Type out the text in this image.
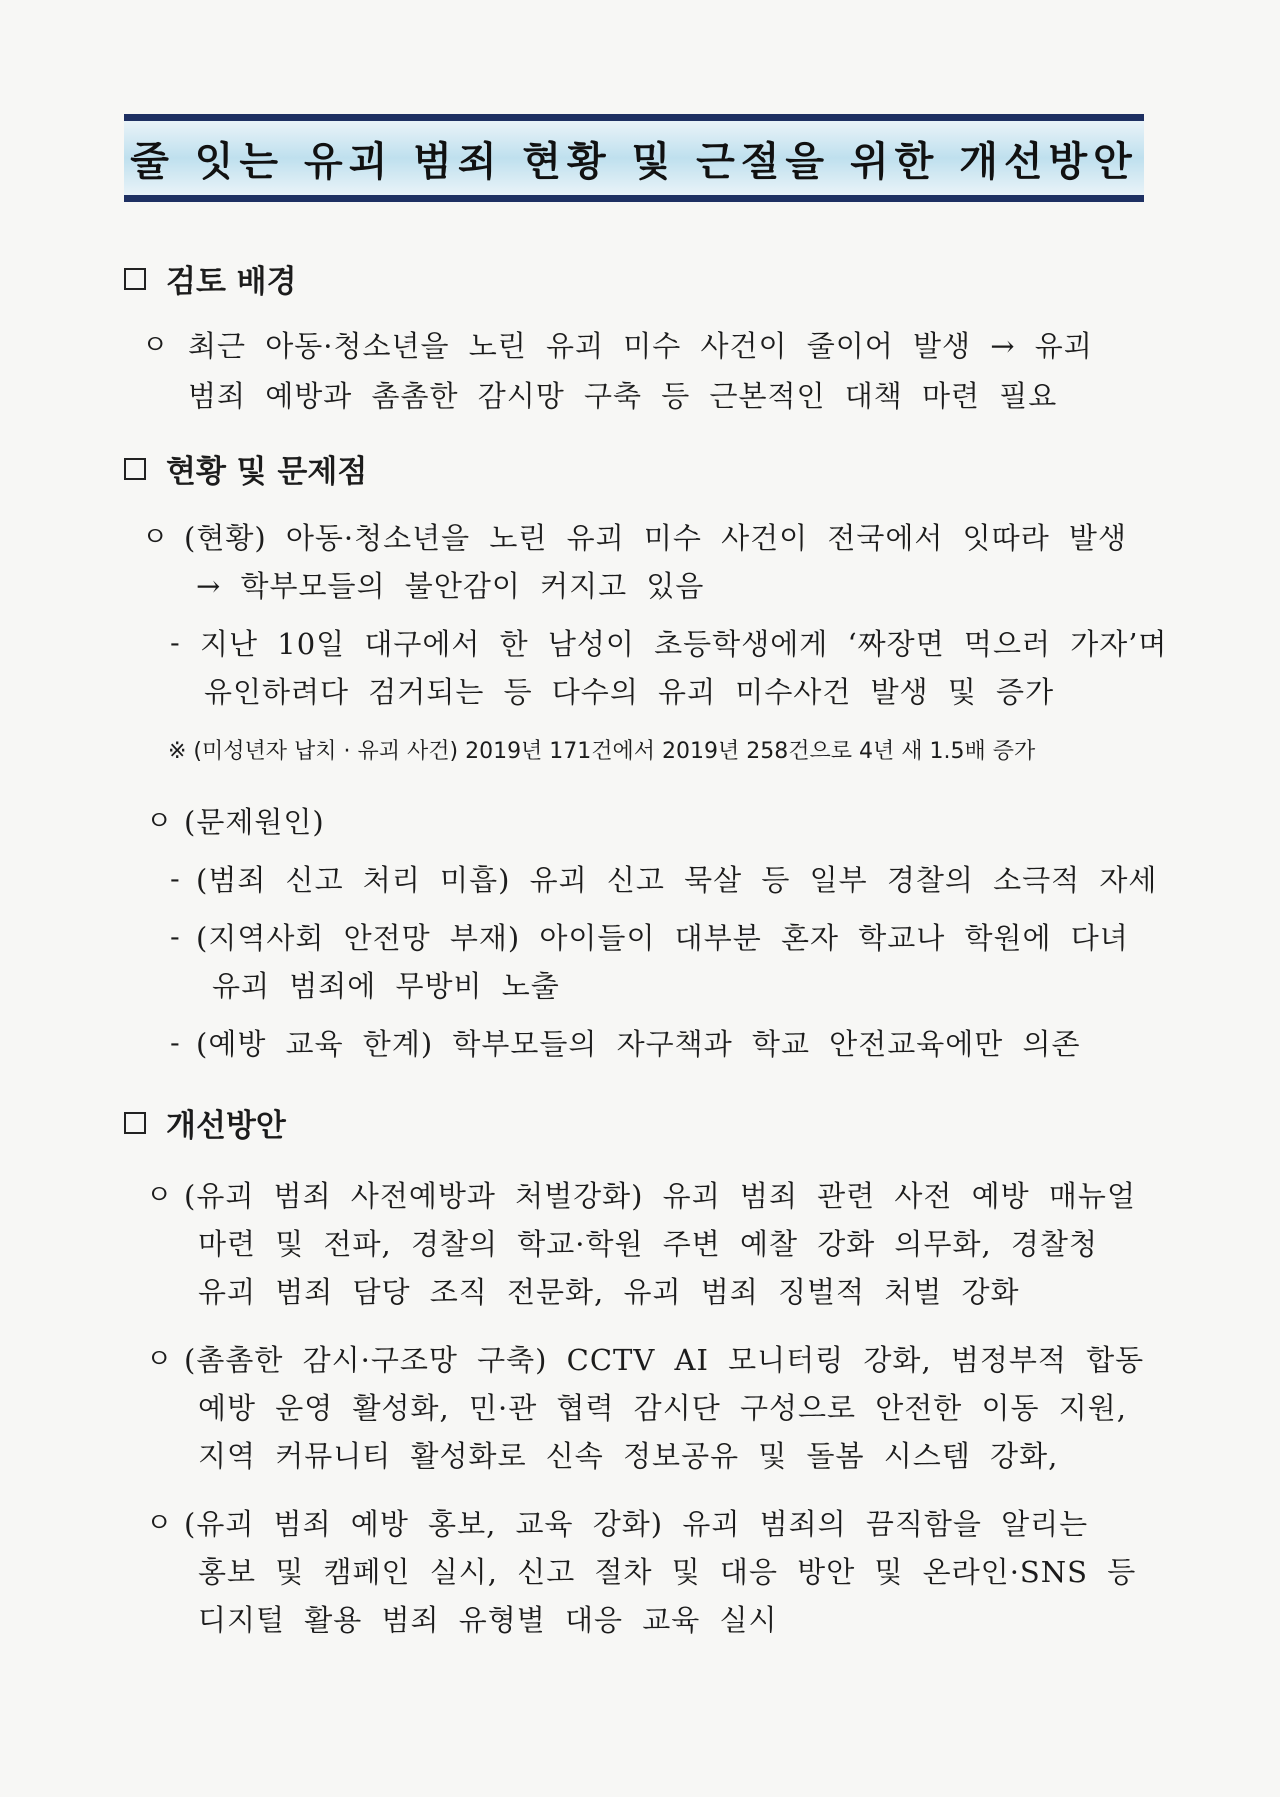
줄 잇는 유괴 범죄 현황 및 근절을 위한 개선방안
검토 배경
ㅇ 최근 아동·청소년을 노린 유괴 미수 사건이 줄이어 발생 → 유괴
범죄 예방과 촘촘한 감시망 구축 등 근본적인 대책 마련 필요
현황 및 문제점
ㅇ (현황) 아동·청소년을 노린 유괴 미수 사건이 전국에서 잇따라 발생
→ 학부모들의 불안감이 커지고 있음
- 지난 10일 대구에서 한 남성이 초등학생에게 ‘짜장면 먹으러 가자’며
유인하려다 검거되는 등 다수의 유괴 미수사건 발생 및 증가
※ (미성년자 납치 · 유괴 사건) 2019년 171건에서 2019년 258건으로 4년 새 1.5배 증가
ㅇ (문제원인)
- (범죄 신고 처리 미흡) 유괴 신고 묵살 등 일부 경찰의 소극적 자세
- (지역사회 안전망 부재) 아이들이 대부분 혼자 학교나 학원에 다녀
유괴 범죄에 무방비 노출
- (예방 교육 한계) 학부모들의 자구책과 학교 안전교육에만 의존
개선방안
ㅇ (유괴 범죄 사전예방과 처벌강화) 유괴 범죄 관련 사전 예방 매뉴얼
마련 및 전파, 경찰의 학교·학원 주변 예찰 강화 의무화, 경찰청
유괴 범죄 담당 조직 전문화, 유괴 범죄 징벌적 처벌 강화
ㅇ (촘촘한 감시·구조망 구축) CCTV AI 모니터링 강화, 범정부적 합동
예방 운영 활성화, 민·관 협력 감시단 구성으로 안전한 이동 지원,
지역 커뮤니티 활성화로 신속 정보공유 및 돌봄 시스템 강화,
ㅇ (유괴 범죄 예방 홍보, 교육 강화) 유괴 범죄의 끔직함을 알리는
홍보 및 캠페인 실시, 신고 절차 및 대응 방안 및 온라인·SNS 등
디지털 활용 범죄 유형별 대응 교육 실시
